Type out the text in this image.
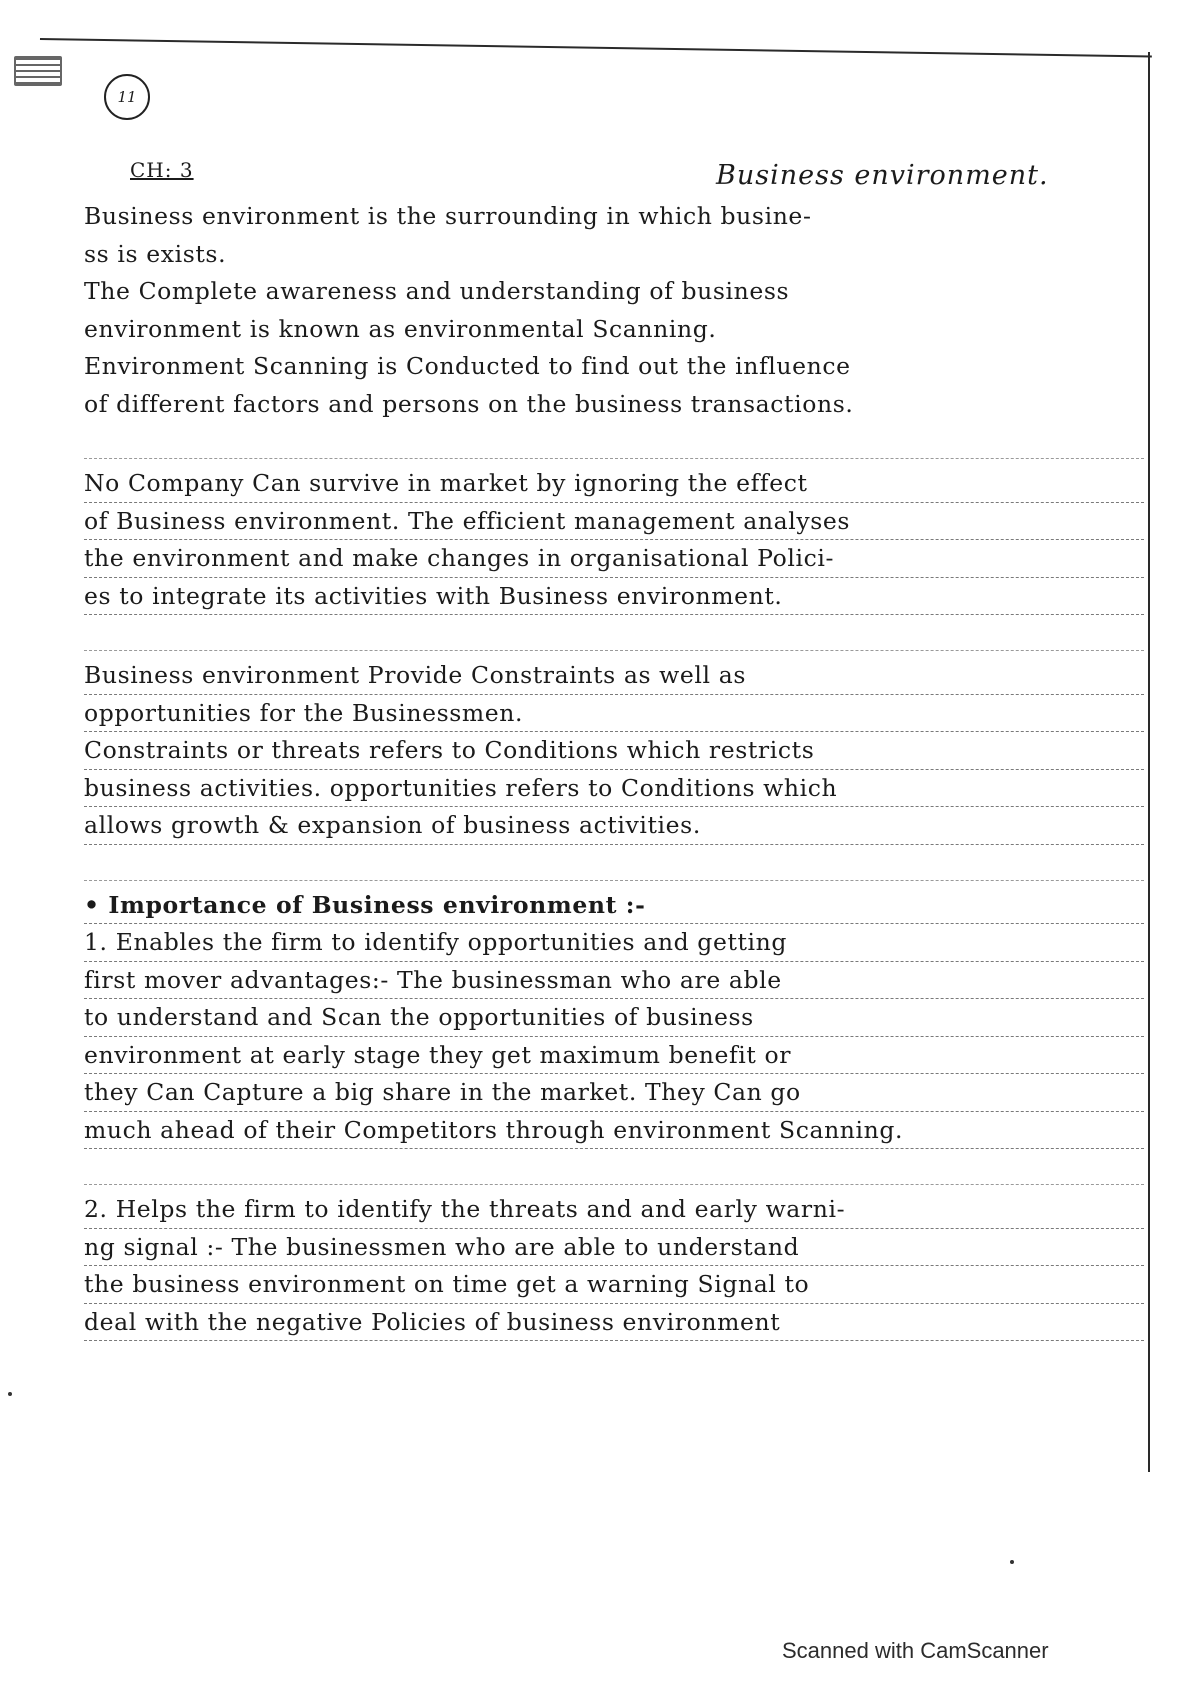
11
CH: 3	Business environment.
Business environment is the surrounding in which busine-
ss is exists.
The Complete awareness and understanding of business
environment is known as environmental Scanning.
Environment Scanning is Conducted to find out the influence
of different factors and persons on the business transactions.
No Company Can survive in market by ignoring the effect
of Business environment. The efficient management analyses
the environment and make changes in organisational Polici-
es to integrate its activities with Business environment.
Business environment Provide Constraints as well as
opportunities for the Businessmen.
Constraints or threats refers to Conditions which restricts
business activities. opportunities refers to Conditions which
allows growth & expansion of business activities.
• Importance of Business environment :-
1. Enables the firm to identify opportunities and getting
first mover advantages:- The businessman who are able
to understand and Scan the opportunities of business
environment at early stage they get maximum benefit or
they Can Capture a big share in the market. They Can go
much ahead of their Competitors through environment Scanning.
2. Helps the firm to identify the threats and and early warni-
ng signal :- The businessmen who are able to understand
the business environment on time get a warning Signal to
deal with the negative Policies of business environment
Scanned with CamScanner
